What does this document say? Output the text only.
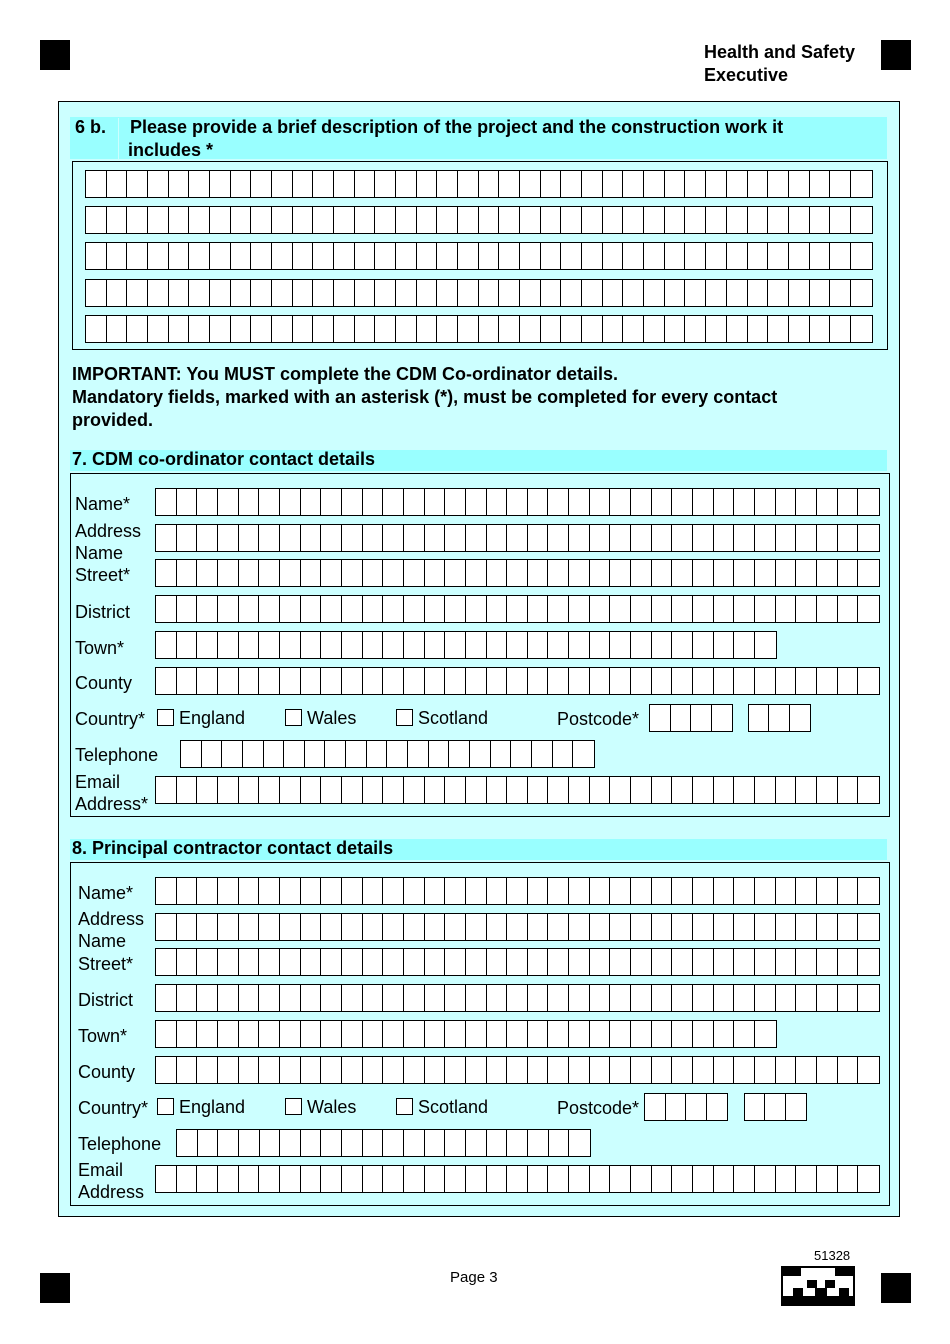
Health and Safety
Executive
6 b. Please provide a brief description of the project and the construction work it
includes *
IMPORTANT: You MUST complete the CDM Co-ordinator details.
Mandatory fields, marked with an asterisk (*), must be completed for every contact
provided.
7. CDM co-ordinator contact details
Name*
Address
Name
Street*
District
Town*
County
Country* England	Wales	Scotland	Postcode*
Telephone
Email
Address*
8. Principal contractor contact details
Name*
Address
Name
Street*
District
Town*
County
Country* England	Wales	Scotland	Postcode*
Telephone
Email
Address
Page 3
51328
